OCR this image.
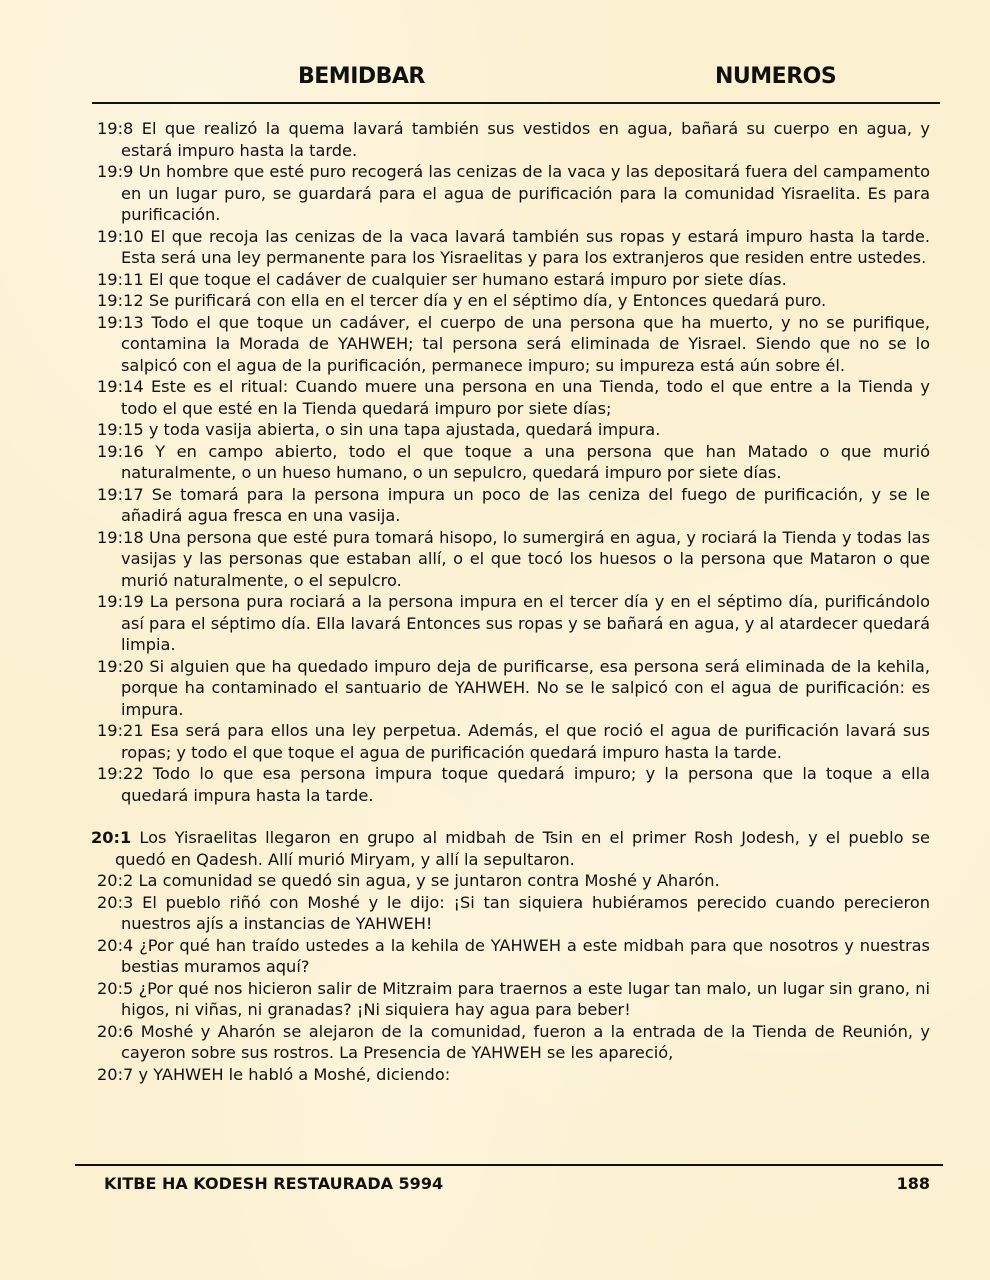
BEMIDBAR	NUMEROS
19:8 El que realizó la quema lavará también sus vestidos en agua, bañará su cuerpo en agua, y estará impuro hasta la tarde.
19:9 Un hombre que esté puro recogerá las cenizas de la vaca y las depositará fuera del campamento en un lugar puro, se guardará para el agua de purificación para la comunidad Yisraelita. Es para purificación.
19:10 El que recoja las cenizas de la vaca lavará también sus ropas y estará impuro hasta la tarde. Esta será una ley permanente para los Yisraelitas y para los extranjeros que residen entre ustedes.
19:11 El que toque el cadáver de cualquier ser humano estará impuro por siete días.
19:12 Se purificará con ella en el tercer día y en el séptimo día, y Entonces quedará puro.
19:13 Todo el que toque un cadáver, el cuerpo de una persona que ha muerto, y no se purifique, contamina la Morada de YAHWEH; tal persona será eliminada de Yisrael. Siendo que no se lo salpicó con el agua de la purificación, permanece impuro; su impureza está aún sobre él.
19:14 Este es el ritual: Cuando muere una persona en una Tienda, todo el que entre a la Tienda y todo el que esté en la Tienda quedará impuro por siete días;
19:15 y toda vasija abierta, o sin una tapa ajustada, quedará impura.
19:16 Y en campo abierto, todo el que toque a una persona que han Matado o que murió naturalmente, o un hueso humano, o un sepulcro, quedará impuro por siete días.
19:17 Se tomará para la persona impura un poco de las ceniza del fuego de purificación, y se le añadirá agua fresca en una vasija.
19:18 Una persona que esté pura tomará hisopo, lo sumergirá en agua, y rociará la Tienda y todas las vasijas y las personas que estaban allí, o el que tocó los huesos o la persona que Mataron o que murió naturalmente, o el sepulcro.
19:19 La persona pura rociará a la persona impura en el tercer día y en el séptimo día, purificándolo así para el séptimo día. Ella lavará Entonces sus ropas y se bañará en agua, y al atardecer quedará limpia.
19:20 Si alguien que ha quedado impuro deja de purificarse, esa persona será eliminada de la kehila, porque ha contaminado el santuario de YAHWEH. No se le salpicó con el agua de purificación: es impura.
19:21 Esa será para ellos una ley perpetua. Además, el que roció el agua de purificación lavará sus ropas; y todo el que toque el agua de purificación quedará impuro hasta la tarde.
19:22 Todo lo que esa persona impura toque quedará impuro; y la persona que la toque a ella quedará impura hasta la tarde.
20:1 Los Yisraelitas llegaron en grupo al midbah de Tsin en el primer Rosh Jodesh, y el pueblo se quedó en Qadesh. Allí murió Miryam, y allí la sepultaron.
20:2 La comunidad se quedó sin agua, y se juntaron contra Moshé y Aharón.
20:3 El pueblo riñó con Moshé y le dijo: ¡Si tan siquiera hubiéramos perecido cuando perecieron nuestros ajís a instancias de YAHWEH!
20:4 ¿Por qué han traído ustedes a la kehila de YAHWEH a este midbah para que nosotros y nuestras bestias muramos aquí?
20:5 ¿Por qué nos hicieron salir de Mitzraim para traernos a este lugar tan malo, un lugar sin grano, ni higos, ni viñas, ni granadas? ¡Ni siquiera hay agua para beber!
20:6 Moshé y Aharón se alejaron de la comunidad, fueron a la entrada de la Tienda de Reunión, y cayeron sobre sus rostros. La Presencia de YAHWEH se les apareció,
20:7 y YAHWEH le habló a Moshé, diciendo:
KITBE HA KODESH RESTAURADA 5994	188
